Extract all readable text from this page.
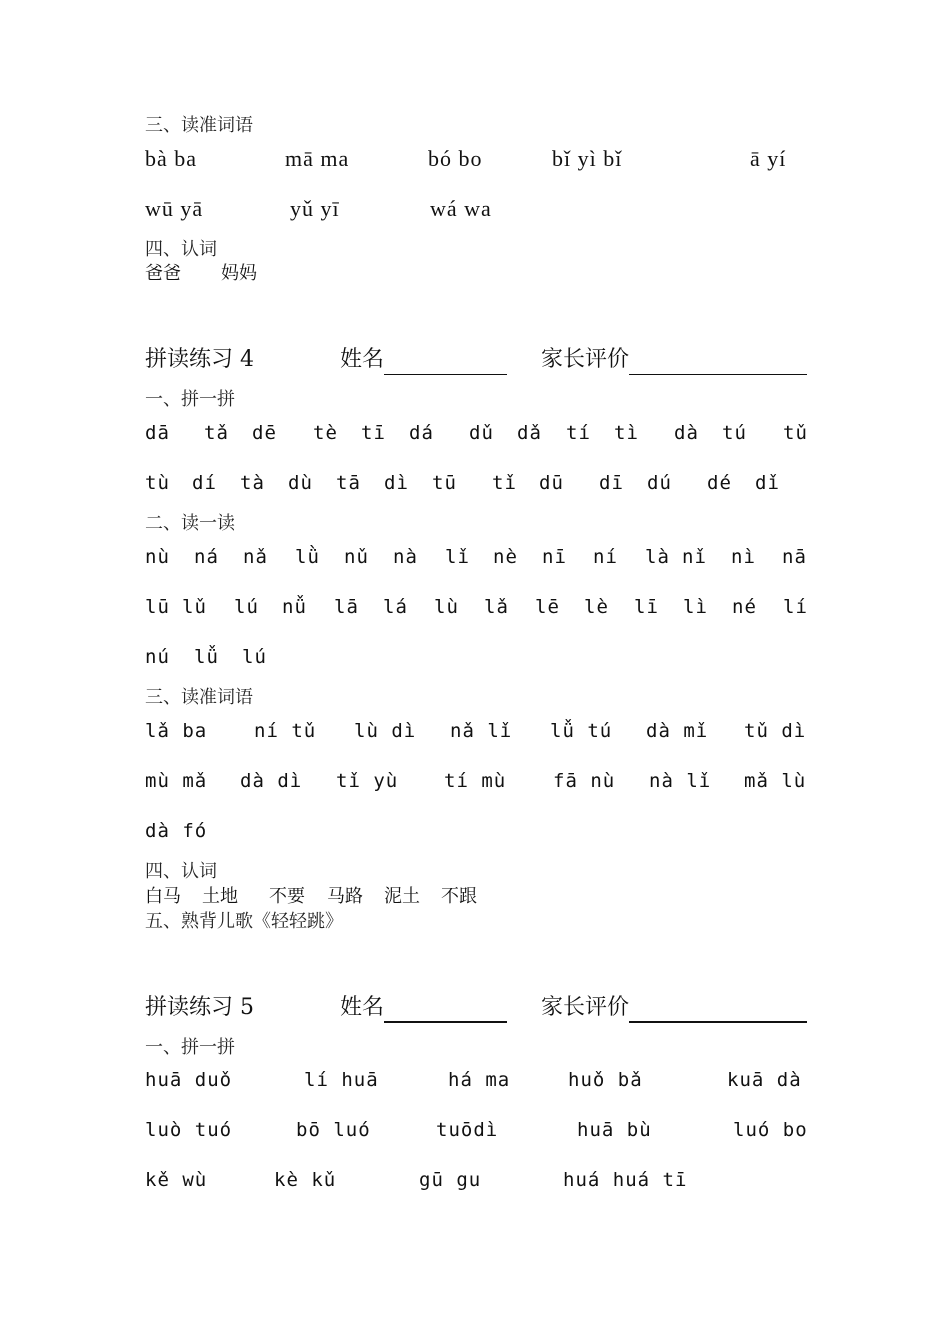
三、读准词语
bà ba	mā ma	bó bo	bǐ yì bǐ	ā yí
wū yā	yǔ yī	wá wa
四、认词
爸爸 妈妈
拼读练习 4	姓名	家长评价
一、拼一拼
dā tǎ dē tè tī dá dǔ dǎ tí tì dà tú tǔ
tù dí tà dù tā dì tū tǐ dū dī dú dé dǐ
二、读一读
nù ná nǎ lǜ nǔ nà lǐ nè nī ní là nǐ nì nā
lū lǔ lú nǚ lā lá lù lǎ lē lè lī lì né lí
nú lǚ lú
三、读准词语
lǎ ba ní tǔ lù dì nǎ lǐ lǚ tú dà mǐ tǔ dì
mù mǎ dà dì tǐ yù tí mù fā nù nà lǐ mǎ lù
dà fó
四、认词
白马 土地 不要 马路 泥土 不跟
五、熟背儿歌《轻轻跳》
拼读练习 5	姓名	家长评价
一、拼一拼
huā duǒ	lí huā	há ma	huǒ bǎ	kuā dà
luò tuó	bō luó	tuōdì	huā bù	luó bo
kě wù	kè kǔ	gū gu	huá huá tī
